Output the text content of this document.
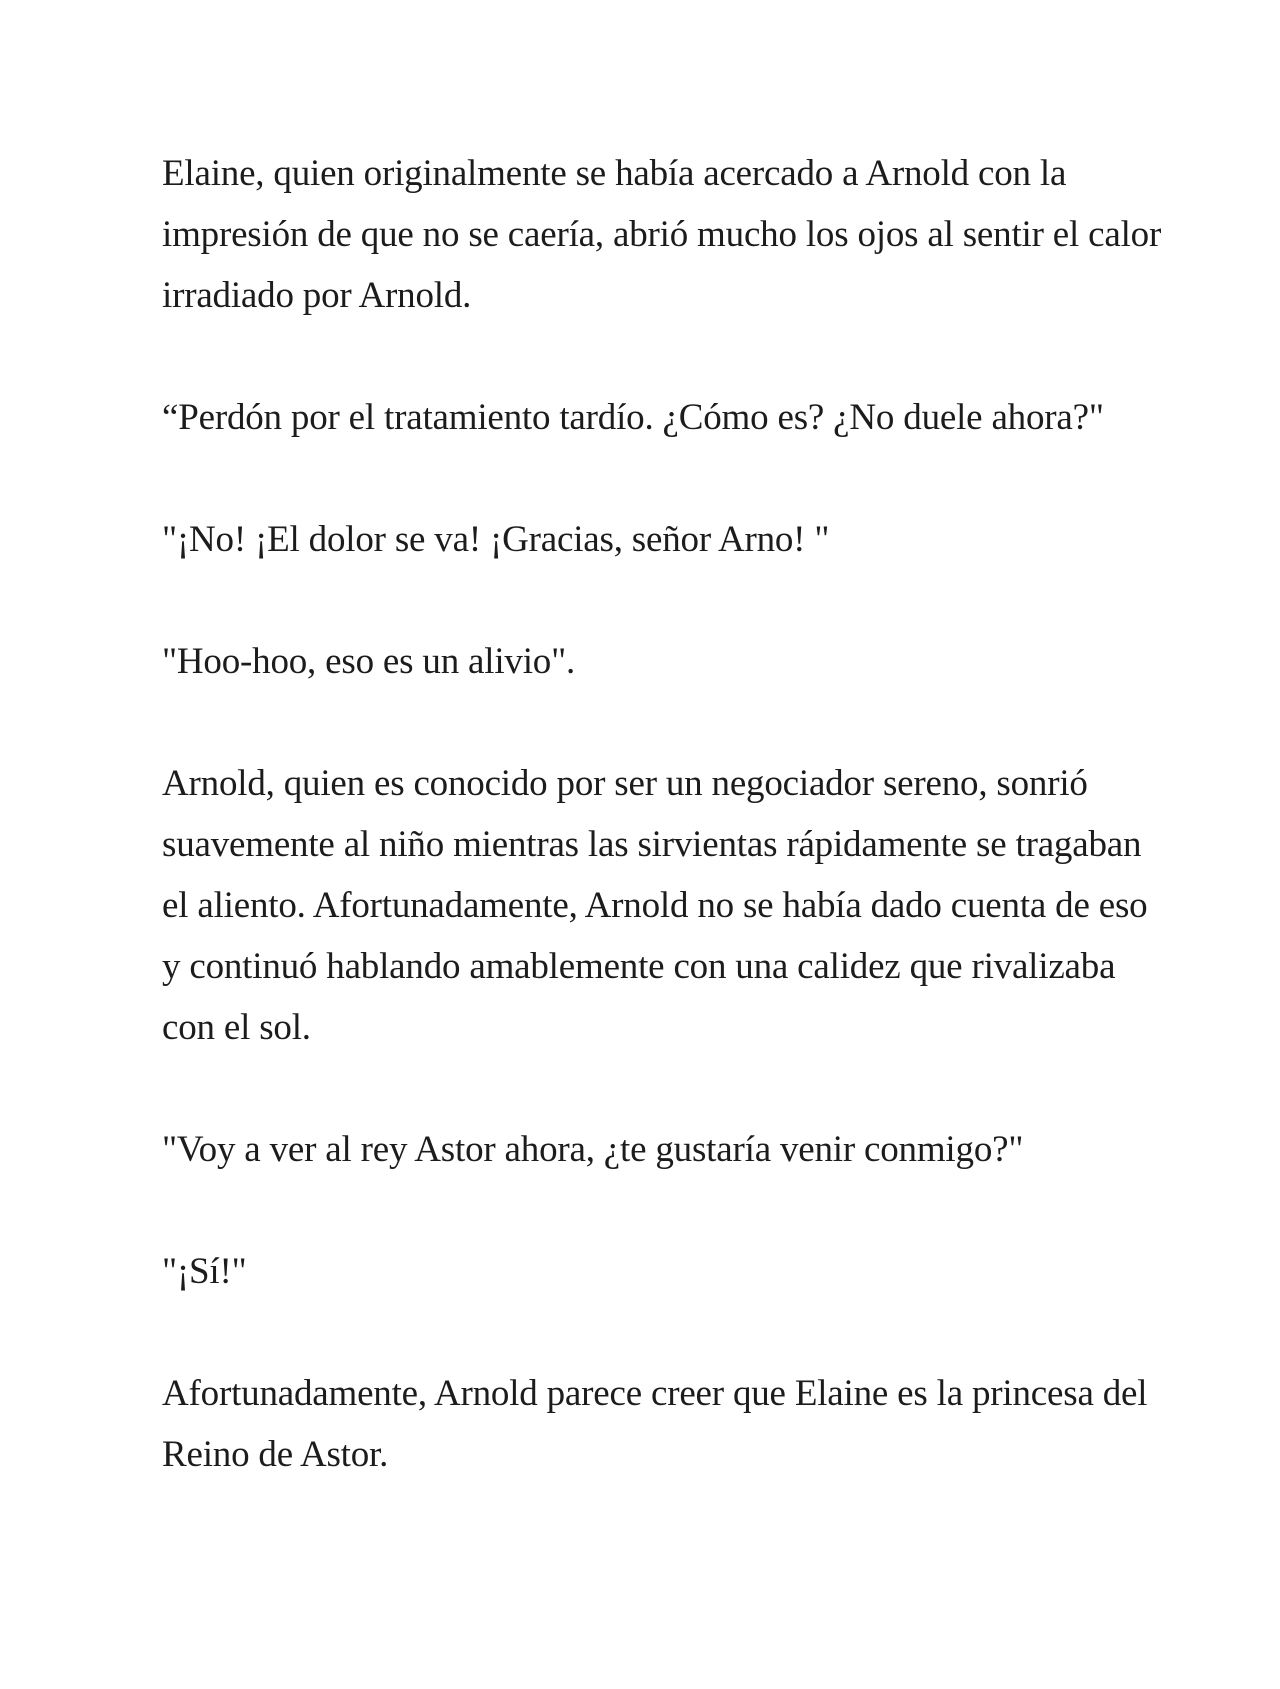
Elaine, quien originalmente se había acercado a Arnold con la impresión de que no se caería, abrió mucho los ojos al sentir el calor irradiado por Arnold.

“Perdón por el tratamiento tardío. ¿Cómo es? ¿No duele ahora?"

"¡No! ¡El dolor se va! ¡Gracias, señor Arno! "

"Hoo-hoo, eso es un alivio".

Arnold, quien es conocido por ser un negociador sereno, sonrió suavemente al niño mientras las sirvientas rápidamente se tragaban el aliento. Afortunadamente, Arnold no se había dado cuenta de eso y continuó hablando amablemente con una calidez que rivalizaba con el sol.

"Voy a ver al rey Astor ahora, ¿te gustaría venir conmigo?"

"¡Sí!"

Afortunadamente, Arnold parece creer que Elaine es la princesa del Reino de Astor.
